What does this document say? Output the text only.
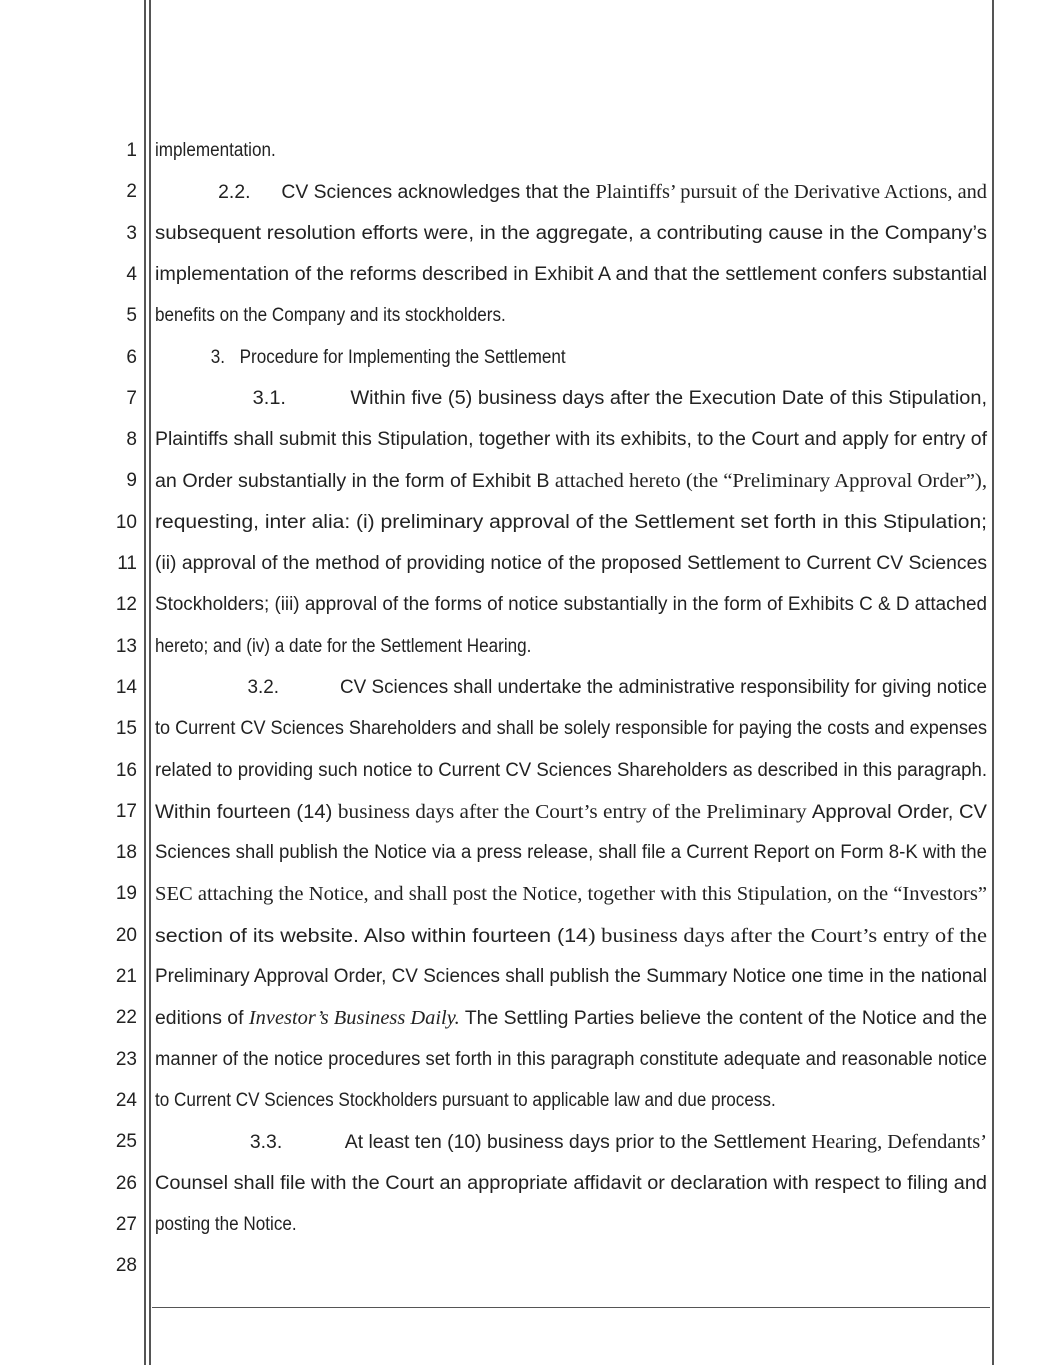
1
2
3
4
5
6
7
8
9
10
11
12
13
14
15
16
17
18
19
20
21
22
23
24
25
26
27
28
implementation.
2.2. CV Sciences acknowledges that the Plaintiffs’ pursuit of the Derivative Actions, and
subsequent resolution efforts were, in the aggregate, a contributing cause in the Company’s
implementation of the reforms described in Exhibit A and that the settlement confers substantial
benefits on the Company and its stockholders.
3. Procedure for Implementing the Settlement
3.1.	Within five (5) business days after the Execution Date of this Stipulation,
Plaintiffs shall submit this Stipulation, together with its exhibits, to the Court and apply for entry of
an Order substantially in the form of Exhibit B attached hereto (the “Preliminary Approval Order”),
requesting, inter alia: (i) preliminary approval of the Settlement set forth in this Stipulation;
(ii) approval of the method of providing notice of the proposed Settlement to Current CV Sciences
Stockholders; (iii) approval of the forms of notice substantially in the form of Exhibits C & D attached
hereto; and (iv) a date for the Settlement Hearing.
3.2.	CV Sciences shall undertake the administrative responsibility for giving notice
to Current CV Sciences Shareholders and shall be solely responsible for paying the costs and expenses
related to providing such notice to Current CV Sciences Shareholders as described in this paragraph.
Within fourteen (14) business days after the Court’s entry of the Preliminary Approval Order, CV
Sciences shall publish the Notice via a press release, shall file a Current Report on Form 8-K with the
SEC attaching the Notice, and shall post the Notice, together with this Stipulation, on the “Investors”
section of its website. Also within fourteen (14) business days after the Court’s entry of the
Preliminary Approval Order, CV Sciences shall publish the Summary Notice one time in the national
editions of Investor’s Business Daily. The Settling Parties believe the content of the Notice and the
manner of the notice procedures set forth in this paragraph constitute adequate and reasonable notice
to Current CV Sciences Stockholders pursuant to applicable law and due process.
3.3.	At least ten (10) business days prior to the Settlement Hearing, Defendants’
Counsel shall file with the Court an appropriate affidavit or declaration with respect to filing and
posting the Notice.
